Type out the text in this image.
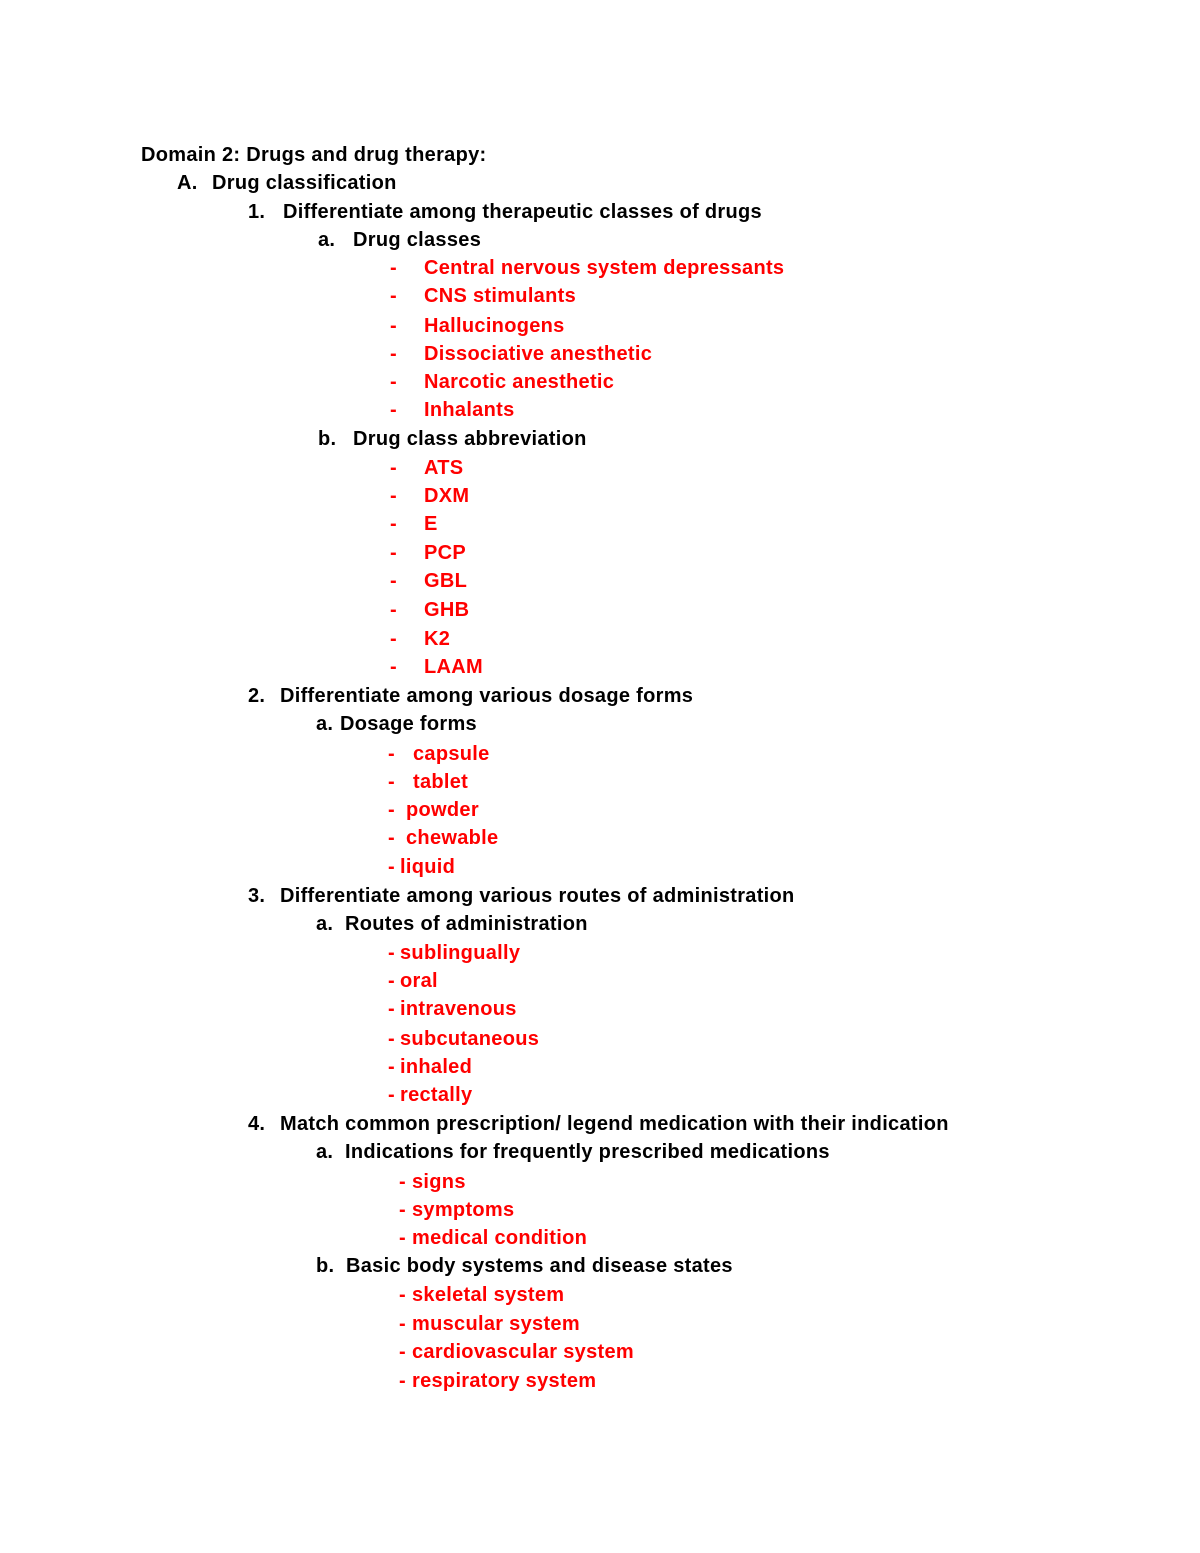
Domain 2: Drugs and drug therapy:
A. Drug classification
1. Differentiate among therapeutic classes of drugs
a. Drug classes
- Central nervous system depressants
- CNS stimulants
- Hallucinogens
- Dissociative anesthetic
- Narcotic anesthetic
- Inhalants
b. Drug class abbreviation
- ATS
- DXM
- E
- PCP
- GBL
- GHB
- K2
- LAAM
2. Differentiate among various dosage forms
a. Dosage forms
- capsule
- tablet
- powder
- chewable
- liquid
3. Differentiate among various routes of administration
a. Routes of administration
- sublingually
- oral
- intravenous
- subcutaneous
- inhaled
- rectally
4. Match common prescription/ legend medication with their indication
a. Indications for frequently prescribed medications
- signs
- symptoms
- medical condition
b. Basic body systems and disease states
- skeletal system
- muscular system
- cardiovascular system
- respiratory system
